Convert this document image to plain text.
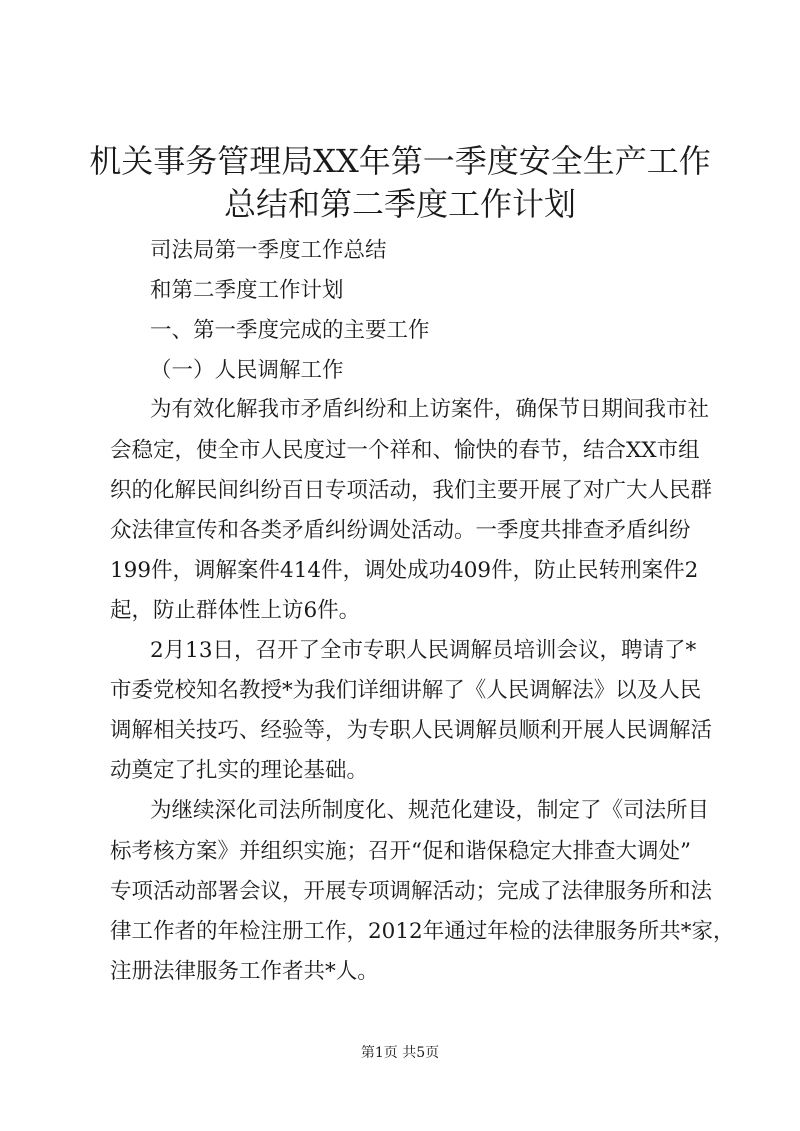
机关事务管理局XX年第一季度安全生产工作
总结和第二季度工作计划
司法局第一季度工作总结
和第二季度工作计划
一、第一季度完成的主要工作
（一）人民调解工作
为有效化解我市矛盾纠纷和上访案件，确保节日期间我市社
会稳定，使全市人民度过一个祥和、愉快的春节，结合XX市组
织的化解民间纠纷百日专项活动，我们主要开展了对广大人民群
众法律宣传和各类矛盾纠纷调处活动。一季度共排查矛盾纠纷
199件，调解案件414件，调处成功409件，防止民转刑案件2
起，防止群体性上访6件。
2月13日，召开了全市专职人民调解员培训会议，聘请了*
市委党校知名教授*为我们详细讲解了《人民调解法》以及人民
调解相关技巧、经验等，为专职人民调解员顺利开展人民调解活
动奠定了扎实的理论基础。
为继续深化司法所制度化、规范化建设，制定了《司法所目
标考核方案》并组织实施；召开“促和谐保稳定大排查大调处”
专项活动部署会议，开展专项调解活动；完成了法律服务所和法
律工作者的年检注册工作，2012年通过年检的法律服务所共*家，
注册法律服务工作者共*人。
第1页 共5页
